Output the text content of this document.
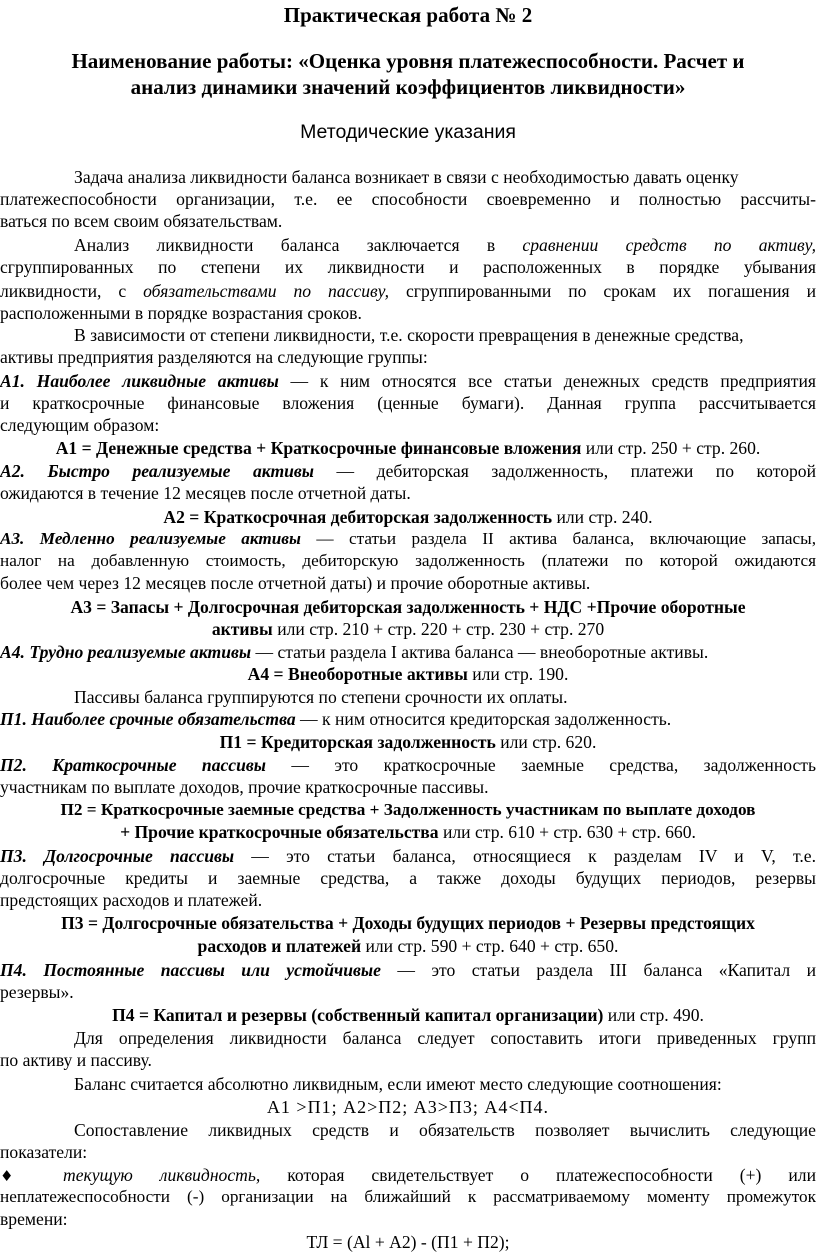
Практическая работа № 2
Наименование работы: «Оценка уровня платежеспособности. Расчет и
анализ динамики значений коэффициентов ликвидности»
Методические указания
Задача анализа ликвидности баланса возникает в связи с необходимостью давать оценку
платежеспособности организации, т.е. ее способности своевременно и полностью рассчиты-
ваться по всем своим обязательствам.
Анализ ликвидности баланса заключается в сравнении средств по активу,
сгруппированных по степени их ликвидности и расположенных в порядке убывания
ликвидности, с обязательствами по пассиву, сгруппированными по срокам их погашения и
расположенными в порядке возрастания сроков.
В зависимости от степени ликвидности, т.е. скорости превращения в денежные средства,
активы предприятия разделяются на следующие группы:
А1. Наиболее ликвидные активы — к ним относятся все статьи денежных средств предприятия
и краткосрочные финансовые вложения (ценные бумаги). Данная группа рассчитывается
следующим образом:
А1 = Денежные средства + Краткосрочные финансовые вложения или стр. 250 + стр. 260.
А2. Быстро реализуемые активы — дебиторская задолженность, платежи по которой
ожидаются в течение 12 месяцев после отчетной даты.
А2 = Краткосрочная дебиторская задолженность или стр. 240.
А3. Медленно реализуемые активы — статьи раздела II актива баланса, включающие запасы,
налог на добавленную стоимость, дебиторскую задолженность (платежи по которой ожидаются
более чем через 12 месяцев после отчетной даты) и прочие оборотные активы.
А3 = Запасы + Долгосрочная дебиторская задолженность + НДС +Прочие оборотные
активы или стр. 210 + стр. 220 + стр. 230 + стр. 270
А4. Трудно реализуемые активы — статьи раздела I актива баланса — внеоборотные активы.
А4 = Внеоборотные активы или стр. 190.
Пассивы баланса группируются по степени срочности их оплаты.
П1. Наиболее срочные обязательства — к ним относится кредиторская задолженность.
П1 = Кредиторская задолженность или стр. 620.
П2. Краткосрочные пассивы — это краткосрочные заемные средства, задолженность
участникам по выплате доходов, прочие краткосрочные пассивы.
П2 = Краткосрочные заемные средства + Задолженность участникам по выплате доходов
+ Прочие краткосрочные обязательства или стр. 610 + стр. 630 + стр. 660.
П3. Долгосрочные пассивы — это статьи баланса, относящиеся к разделам IV и V, т.е.
долгосрочные кредиты и заемные средства, а также доходы будущих периодов, резервы
предстоящих расходов и платежей.
П3 = Долгосрочные обязательства + Доходы будущих периодов + Резервы предстоящих
расходов и платежей или стр. 590 + стр. 640 + стр. 650.
П4. Постоянные пассивы или устойчивые — это статьи раздела III баланса «Капитал и
резервы».
П4 = Капитал и резервы (собственный капитал организации) или стр. 490.
Для определения ликвидности баланса следует сопоставить итоги приведенных групп
по активу и пассиву.
Баланс считается абсолютно ликвидным, если имеют место следующие соотношения:
А1 >П1; А2>П2; А3>П3; А4<П4.
Сопоставление ликвидных средств и обязательств позволяет вычислить следующие
показатели:
♦ текущую ликвидность, которая свидетельствует о платежеспособности (+) или
неплатежеспособности (-) организации на ближайший к рассматриваемому моменту промежуток
времени:
ТЛ = (Al + А2) - (П1 + П2);
